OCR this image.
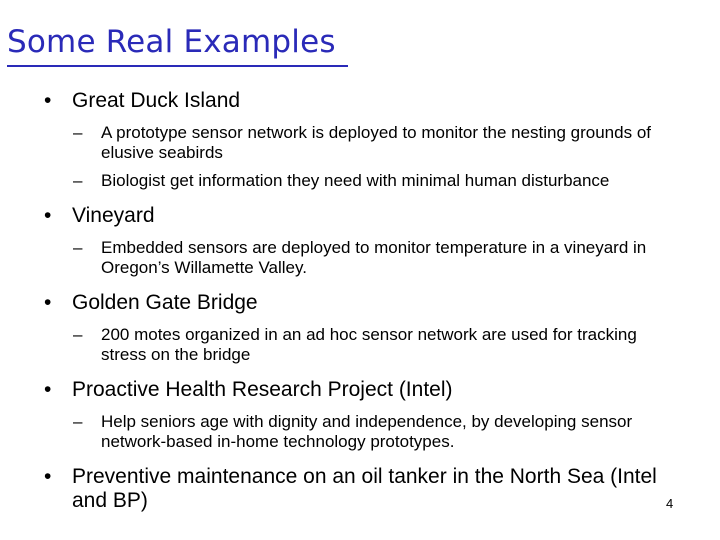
Some Real Examples
• Great Duck Island
– A prototype sensor network is deployed to monitor the nesting grounds of elusive seabirds
– Biologist get information they need with minimal human disturbance
• Vineyard
– Embedded sensors are deployed to monitor temperature in a vineyard in Oregon’s Willamette Valley.
• Golden Gate Bridge
– 200 motes organized in an ad hoc sensor network are used for tracking stress on the bridge
• Proactive Health Research Project (Intel)
– Help seniors age with dignity and independence, by developing sensor network-based in-home technology prototypes.
• Preventive maintenance on an oil tanker in the North Sea (Intel and BP)	4
